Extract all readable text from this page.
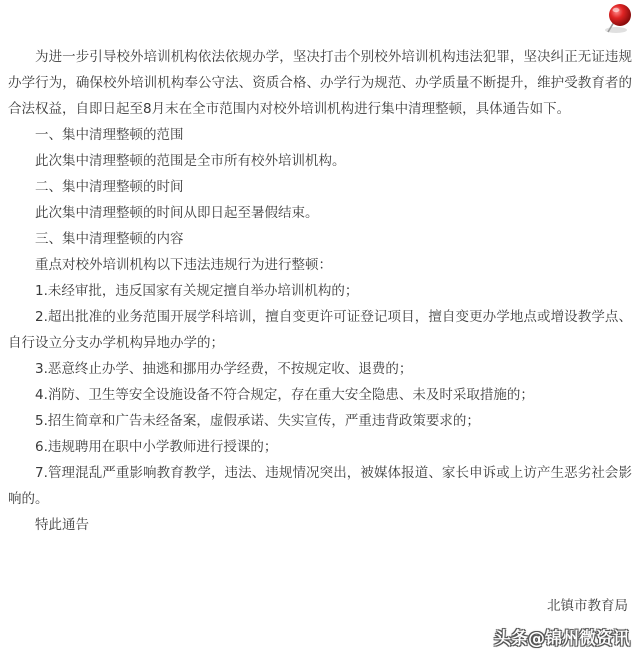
为进一步引导校外培训机构依法依规办学，坚决打击个别校外培训机构违法犯罪，坚决纠正无证违规办学行为，确保校外培训机构奉公守法、资质合格、办学行为规范、办学质量不断提升，维护受教育者的合法权益，自即日起至8月末在全市范围内对校外培训机构进行集中清理整顿，具体通告如下。

一、集中清理整顿的范围

此次集中清理整顿的范围是全市所有校外培训机构。

二、集中清理整顿的时间

此次集中清理整顿的时间从即日起至暑假结束。

三、集中清理整顿的内容

重点对校外培训机构以下违法违规行为进行整顿：

1.未经审批，违反国家有关规定擅自举办培训机构的；

2.超出批准的业务范围开展学科培训，擅自变更许可证登记项目，擅自变更办学地点或增设教学点、自行设立分支办学机构异地办学的；

3.恶意终止办学、抽逃和挪用办学经费，不按规定收、退费的；

4.消防、卫生等安全设施设备不符合规定，存在重大安全隐患、未及时采取措施的；

5.招生简章和广告未经备案，虚假承诺、失实宣传，严重违背政策要求的；

6.违规聘用在职中小学教师进行授课的；

7.管理混乱严重影响教育教学，违法、违规情况突出，被媒体报道、家长申诉或上访产生恶劣社会影响的。

特此通告

北镇市教育局
头条@锦州微资讯
